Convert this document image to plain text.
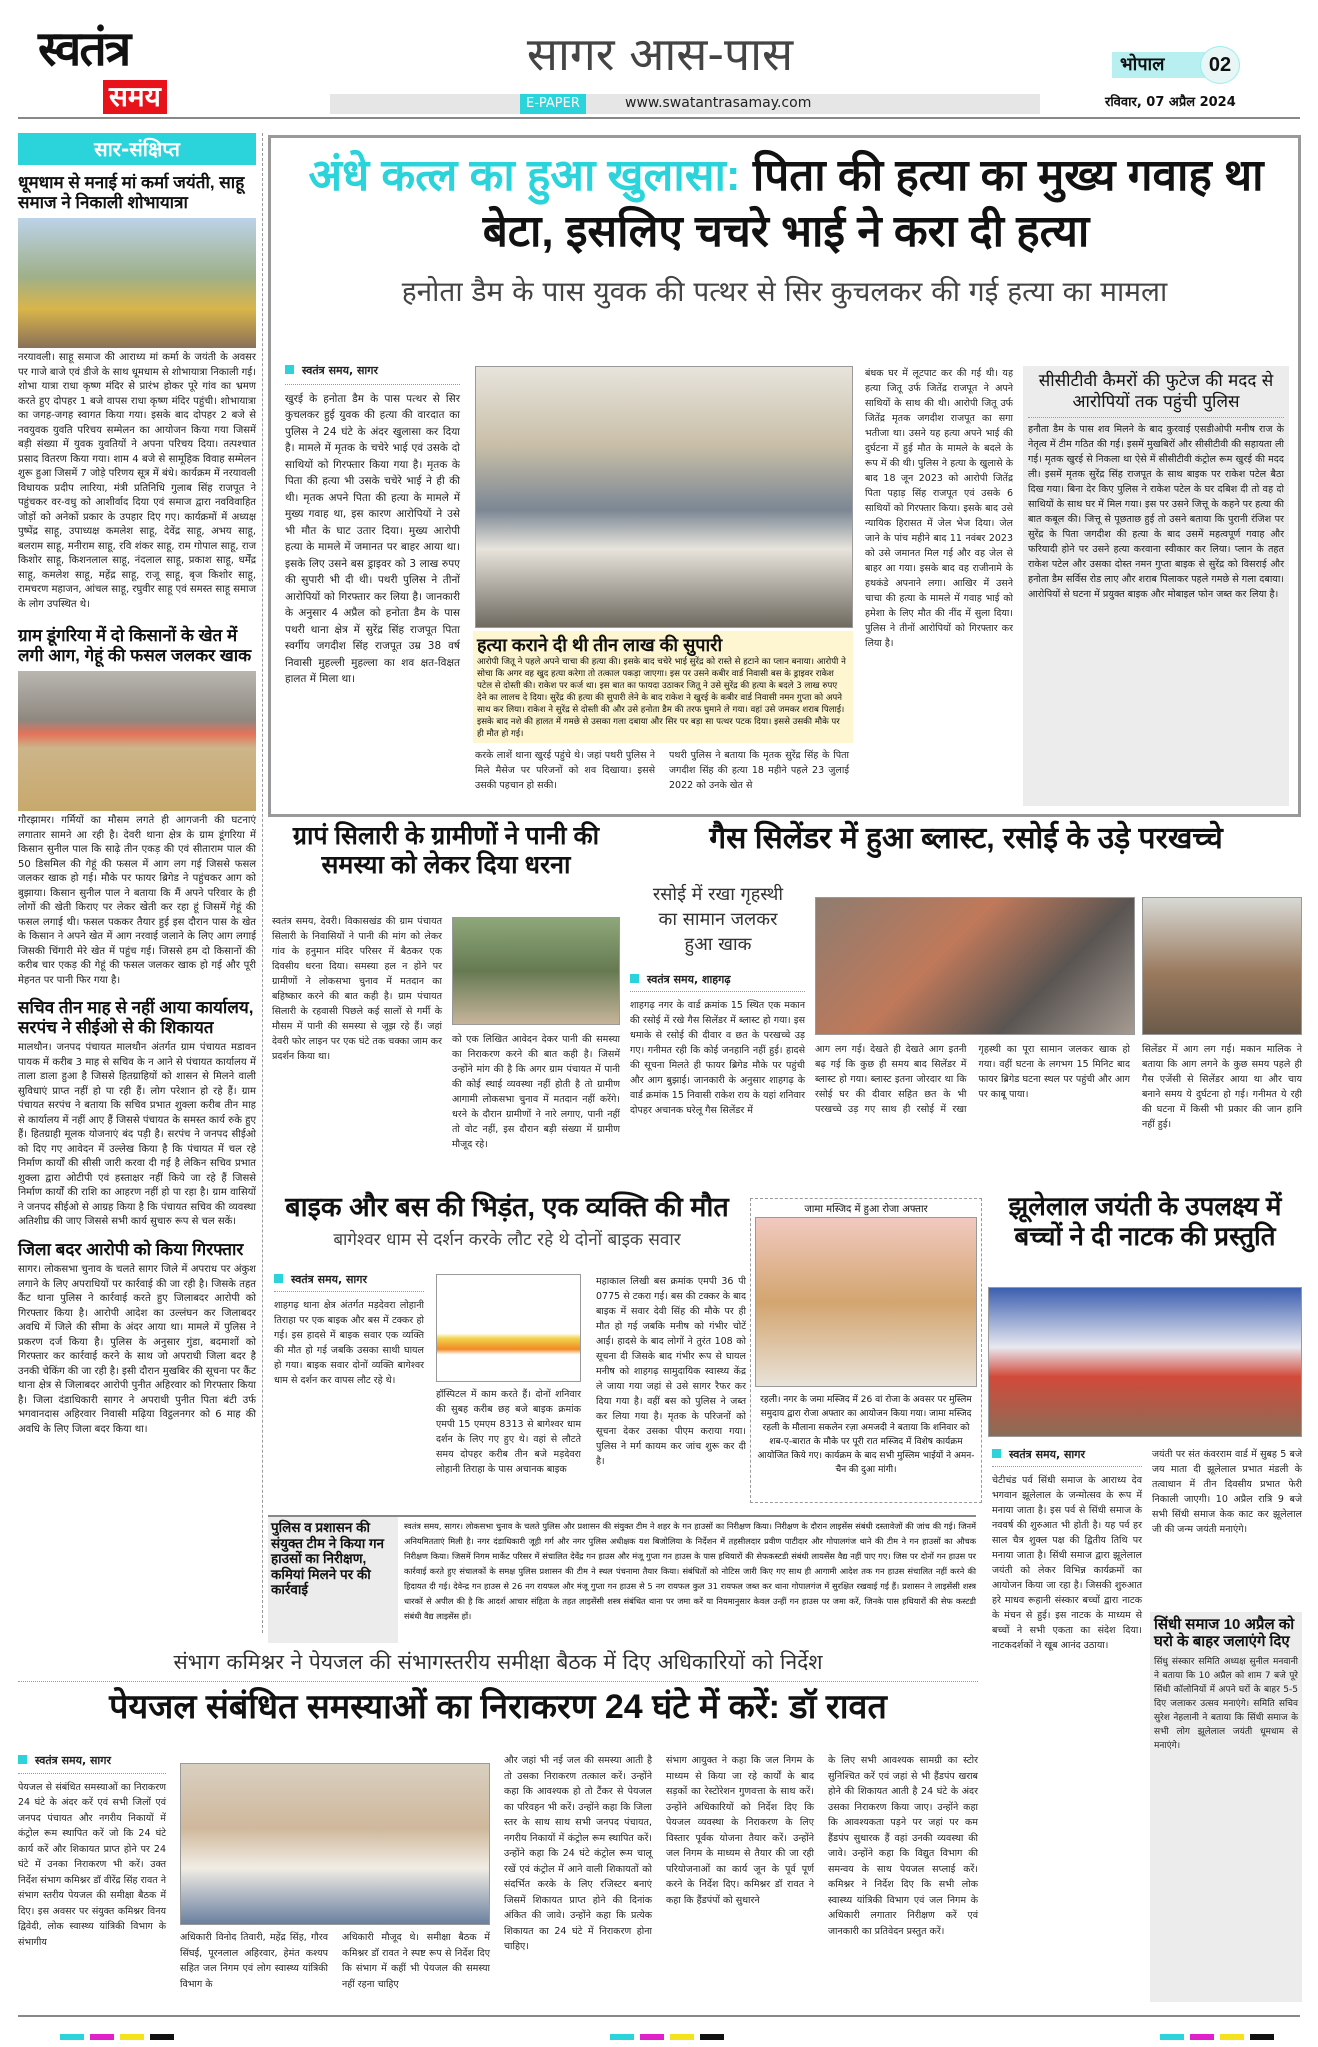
स्वतंत्र
समय
सागर आस-पास
E-PAPER	www.swatantrasamay.com
भोपाल	02
रविवार, 07 अप्रैल 2024
सार-संक्षिप्त
धूमधाम से मनाई मां कर्मा जयंती, साहू समाज ने निकाली शोभायात्रा
नरयावली। साहू समाज की आराध्य मां कर्मा के जयंती के अवसर पर गाजे बाजे एवं डीजे के साथ धूमधाम से शोभायात्रा निकाली गई। शोभा यात्रा राधा कृष्ण मंदिर से प्रारंभ होकर पूरे गांव का भ्रमण करते हुए दोपहर 1 बजे वापस राधा कृष्ण मंदिर पहुंची। शोभायात्रा का जगह-जगह स्वागत किया गया। इसके बाद दोपहर 2 बजे से नवयुवक युवति परिचय सम्मेलन का आयोजन किया गया जिसमें बड़ी संख्या में युवक युवतियों ने अपना परिचय दिया। तत्पश्चात प्रसाद वितरण किया गया। शाम 4 बजे से सामूहिक विवाह सम्मेलन शुरू हुआ जिसमें 7 जोड़े परिणय सूत्र में बंधे। कार्यक्रम में नरयावली विधायक प्रदीप लारिया, मंत्री प्रतिनिधि गुलाब सिंह राजपूत ने पहुंचकर वर-वधु को आशीर्वाद दिया एवं समाज द्वारा नवविवाहित जोड़ों को अनेकों प्रकार के उपहार दिए गए। कार्यक्रमों में अध्यक्ष पुष्पेंद्र साहू, उपाध्यक्ष कमलेश साहू, देवेंद्र साहू, अभय साहू, बलराम साहू, मनीराम साहू, रवि शंकर साहू, राम गोपाल साहू, राज किशोर साहू, किशनलाल साहू, नंदलाल साहू, प्रकाश साहू, धर्मेंद्र साहू, कमलेश साहू, महेंद्र साहू, राजू साहू, बृज किशोर साहू, रामचरण महाजन, आंचल साहू, रघुवीर साहू एवं समस्त साहू समाज के लोग उपस्थित थे।
ग्राम डूंगरिया में दो किसानों के खेत में लगी आग, गेहूं की फसल जलकर खाक
गौरझामर। गर्मियों का मौसम लगते ही आगजनी की घटनाएं लगातार सामने आ रही है। देवरी थाना क्षेत्र के ग्राम डूंगरिया में किसान सुनील पाल कि साढ़े तीन एकड़ की एवं सीताराम पाल की 50 डिसमिल की गेहूं की फसल में आग लग गई जिससे फसल जलकर खाक हो गई। मौके पर फायर ब्रिगेड ने पहुंचकर आग को बुझाया। किसान सुनील पाल ने बताया कि मैं अपने परिवार के ही लोगों की खेती किराए पर लेकर खेती कर रहा हूं जिसमें गेहूं की फसल लगाई थी। फसल पककर तैयार हुई इस दौरान पास के खेत के किसान ने अपने खेत में आग नरवाई जलाने के लिए आग लगाई जिसकी चिंगारी मेरे खेत में पहुंच गई। जिससे हम दो किसानों की करीब चार एकड़ की गेहूं की फसल जलकर खाक हो गई और पूरी मेहनत पर पानी फिर गया है।
सचिव तीन माह से नहीं आया कार्यालय, सरपंच ने सीईओ से की शिकायत
मालथौन। जनपद पंचायत मालथौन अंतर्गत ग्राम पंचायत मडावन पायक में करीब 3 माह से सचिव के न आने से पंचायत कार्यालय में ताला डाला हुआ है जिससे हितग्राहियों को शासन से मिलने वाली सुविधाएं प्राप्त नहीं हो पा रही हैं। लोग परेशान हो रहे हैं। ग्राम पंचायत सरपंच ने बताया कि सचिव प्रभात शुक्ला करीब तीन माह से कार्यालय में नहीं आए हैं जिससे पंचायत के समस्त कार्य रुके हुए हैं। हितग्राही मूलक योजनाएं बंद पड़ी है। सरपंच ने जनपद सीईओ को दिए गए आवेदन में उल्लेख किया है कि पंचायत में चल रहे निर्माण कार्यों की सीसी जारी करवा दी गई है लेकिन सचिव प्रभात शुक्ला द्वारा ओटीपी एवं हस्ताक्षर नहीं किये जा रहे हैं जिससे निर्माण कार्यों की राशि का आहरण नहीं हो पा रहा है। ग्राम वासियों ने जनपद सीईओ से आग्रह किया है कि पंचायत सचिव की व्यवस्था अतिशीघ्र की जाए जिससे सभी कार्य सुचारु रूप से चल सकें।
जिला बदर आरोपी को किया गिरफ्तार
सागर। लोकसभा चुनाव के चलते सागर जिले में अपराध पर अंकुश लगाने के लिए अपराधियों पर कार्रवाई की जा रही है। जिसके तहत कैंट थाना पुलिस ने कार्रवाई करते हुए जिलाबदर आरोपी को गिरफ्तार किया है। आरोपी आदेश का उल्लंघन कर जिलाबदर अवधि में जिले की सीमा के अंदर आया था। मामले में पुलिस ने प्रकरण दर्ज किया है। पुलिस के अनुसार गुंडा, बदमाशों को गिरफ्तार कर कार्रवाई करने के साथ जो अपराधी जिला बदर है उनकी चेकिंग की जा रही है। इसी दौरान मुखबिर की सूचना पर कैंट थाना क्षेत्र से जिलाबदर आरोपी पुनीत अहिरवार को गिरफ्तार किया है। जिला दंडाधिकारी सागर ने अपराधी पुनीत पिता बंटी उर्फ भगवानदास अहिरवार निवासी मढ़िया विट्ठलनगर को 6 माह की अवधि के लिए जिला बदर किया था।
अंधे कत्ल का हुआ खुलासा: पिता की हत्या का मुख्य गवाह था बेटा, इसलिए चचरे भाई ने करा दी हत्या
हनोता डैम के पास युवक की पत्थर से सिर कुचलकर की गई हत्या का मामला
स्वतंत्र समय, सागर
खुरई के हनोता डैम के पास पत्थर से सिर कुचलकर हुई युवक की हत्या की वारदात का पुलिस ने 24 घंटे के अंदर खुलासा कर दिया है। मामले में मृतक के चचेरे भाई एवं उसके दो साथियों को गिरफ्तार किया गया है। मृतक के पिता की हत्या भी उसके चचेरे भाई ने ही की थी। मृतक अपने पिता की हत्या के मामले में मुख्य गवाह था, इस कारण आरोपियों ने उसे भी मौत के घाट उतार दिया। मुख्य आरोपी हत्या के मामले में जमानत पर बाहर आया था। इसके लिए उसने बस ड्राइवर को 3 लाख रुपए की सुपारी भी दी थी। पथरी पुलिस ने तीनों आरोपियों को गिरफ्तार कर लिया है। जानकारी के अनुसार 4 अप्रैल को हनोता डैम के पास पथरी थाना क्षेत्र में सुरेंद्र सिंह राजपूत पिता स्वर्गीय जगदीश सिंह राजपूत उम्र 38 वर्ष निवासी मुहल्ली मुहल्ला का शव क्षत-विक्षत हालत में मिला था।
हत्या कराने दी थी तीन लाख की सुपारी
आरोपी जितू ने पहले अपने चाचा की हत्या की। इसके बाद चचेरे भाई सुरेंद्र को रास्ते से हटाने का प्लान बनाया। आरोपी ने सोचा कि अगर वह खुद हत्या करेगा तो तत्काल पकड़ा जाएगा। इस पर उसने कबीर वार्ड निवासी बस के ड्राइवर राकेश पटेल से दोस्ती की। राकेश पर कर्ज था। इस बात का फायदा उठाकर जितू ने उसे सुरेंद्र की हत्या के बदले 3 लाख रुपए देने का लालच दे दिया। सुरेंद्र की हत्या की सुपारी लेने के बाद राकेश ने खुरई के कबीर वार्ड निवासी नमन गुप्ता को अपने साथ कर लिया। राकेश ने सुरेंद्र से दोस्ती की और उसे हनोता डैम की तरफ घुमाने ले गया। वहां उसे जमकर शराब पिलाई। इसके बाद नशे की हालत में गमछे से उसका गला दबाया और सिर पर बड़ा सा पत्थर पटक दिया। इससे उसकी मौके पर ही मौत हो गई।
करके लाशें थाना खुरई पहुंचे थे। जहां पथरी पुलिस ने मिले मैसेज पर परिजनों को शव दिखाया। इससे उसकी पहचान हो सकी।
पथरी पुलिस ने बताया कि मृतक सुरेंद्र सिंह के पिता जगदीश सिंह की हत्या 18 महीने पहले 23 जुलाई 2022 को उनके खेत से
बंधक घर में लूटपाट कर की गई थी। यह हत्या जितू उर्फ जितेंद्र राजपूत ने अपने साथियों के साथ की थी। आरोपी जितू उर्फ जितेंद्र मृतक जगदीश राजपूत का सगा भतीजा था। उसने यह हत्या अपने भाई की दुर्घटना में हुई मौत के मामले के बदले के रूप में की थी। पुलिस ने हत्या के खुलासे के बाद 18 जून 2023 को आरोपी जितेंद्र पिता पहाड़ सिंह राजपूत एवं उसके 6 साथियों को गिरफ्तार किया। इसके बाद उसे न्यायिक हिरासत में जेल भेज दिया। जेल जाने के पांच महीने बाद 11 नवंबर 2023 को उसे जमानत मिल गई और वह जेल से बाहर आ गया। इसके बाद वह राजीनामे के हथकंडे अपनाने लगा। आखिर में उसने चाचा की हत्या के मामले में गवाह भाई को हमेशा के लिए मौत की नींद में सुला दिया। पुलिस ने तीनों आरोपियों को गिरफ्तार कर लिया है।
सीसीटीवी कैमरों की फुटेज की मदद से आरोपियों तक पहुंची पुलिस
हनौता डैम के पास शव मिलने के बाद कुरवाई एसडीओपी मनीष राज के नेतृत्व में टीम गठित की गई। इसमें मुखबिरों और सीसीटीवी की सहायता ली गई। मृतक खुरई से निकला था ऐसे में सीसीटीवी कंट्रोल रूम खुरई की मदद ली। इसमें मृतक सुरेंद्र सिंह राजपूत के साथ बाइक पर राकेश पटेल बैठा दिख गया। बिना देर किए पुलिस ने राकेश पटेल के घर दबिश दी तो वह दो साथियों के साथ घर में मिल गया। इस पर उसने जित्तू के कहने पर हत्या की बात कबूल की। जित्तू से पूछताछ हुई तो उसने बताया कि पुरानी रंजिश पर सुरेंद्र के पिता जगदीश की हत्या के बाद उसमें महत्वपूर्ण गवाह और फरियादी होने पर उसने हत्या करवाना स्वीकार कर लिया। प्लान के तहत राकेश पटेल और उसका दोस्त नमन गुप्ता बाइक से सुरेंद्र को विसराई और हनोता डैम सर्विस रोड लाए और शराब पिलाकर पहले गमछे से गला दबाया। आरोपियों से घटना में प्रयुक्त बाइक और मोबाइल फोन जब्त कर लिया है।
ग्रापं सिलारी के ग्रामीणों ने पानी की समस्या को लेकर दिया धरना
स्वतंत्र समय, देवरी। विकासखंड की ग्राम पंचायत सिलारी के निवासियों ने पानी की मांग को लेकर गांव के हनुमान मंदिर परिसर में बैठकर एक दिवसीय धरना दिया। समस्या हल न होने पर ग्रामीणों ने लोकसभा चुनाव में मतदान का बहिष्कार करने की बात कही है। ग्राम पंचायत सिलारी के रहवासी पिछले कई सालों से गर्मी के मौसम में पानी की समस्या से जूझ रहे हैं। जहां देवरी फोर लाइन पर एक घंटे तक चक्का जाम कर प्रदर्शन किया था।
को एक लिखित आवेदन देकर पानी की समस्या का निराकरण करने की बात कही है। जिसमें उन्होंने मांग की है कि अगर ग्राम पंचायत में पानी की कोई स्थाई व्यवस्था नहीं होती है तो ग्रामीण आगामी लोकसभा चुनाव में मतदान नहीं करेंगे। धरने के दौरान ग्रामीणों ने नारे लगाए, पानी नहीं तो वोट नहीं, इस दौरान बड़ी संख्या में ग्रामीण मौजूद रहे।
गैस सिलेंडर में हुआ ब्लास्ट, रसोई के उड़े परखच्चे
रसोई में रखा गृहस्थी का सामान जलकर हुआ खाक
स्वतंत्र समय, शाहगढ़
शाहगढ़ नगर के वार्ड क्रमांक 15 स्थित एक मकान की रसोई में रखे गैस सिलेंडर में ब्लास्ट हो गया। इस धमाके से रसोई की दीवार व छत के परखच्चे उड़ गए। गनीमत रही कि कोई जनहानि नहीं हुई। हादसे की सूचना मिलते ही फायर ब्रिगेड मौके पर पहुंची और आग बुझाई। जानकारी के अनुसार शाहगढ़ के वार्ड क्रमांक 15 निवासी राकेश राय के यहां शनिवार दोपहर अचानक घरेलू गैस सिलेंडर में
आग लग गई। देखते ही देखते आग इतनी बढ़ गई कि कुछ ही समय बाद सिलेंडर में ब्लास्ट हो गया। ब्लास्ट इतना जोरदार था कि रसोई घर की दीवार सहित छत के भी परखच्चे उड़ गए साथ ही रसोई में रखा गृहस्थी का पूरा सामान जलकर खाक हो गया। वहीं घटना के लगभग 15 मिनिट बाद फायर ब्रिगेड घटना स्थल पर पहुंची और आग पर काबू पाया।
सिलेंडर में आग लग गई। मकान मालिक ने बताया कि आग लगने के कुछ समय पहले ही गैस एजेंसी से सिलेंडर आया था और चाय बनाने समय ये दुर्घटना हो गई। गनीमत ये रही की घटना में किसी भी प्रकार की जान हानि नहीं हुई।
बाइक और बस की भिड़ंत, एक व्यक्ति की मौत
बागेश्वर धाम से दर्शन करके लौट रहे थे दोनों बाइक सवार
स्वतंत्र समय, सागर
शाहगढ़ थाना क्षेत्र अंतर्गत मड़देवरा लोहानी तिराहा पर एक बाइक और बस में टक्कर हो गई। इस हादसे में बाइक सवार एक व्यक्ति की मौत हो गई जबकि उसका साथी घायल हो गया। बाइक सवार दोनों व्यक्ति बागेश्वर धाम से दर्शन कर वापस लौट रहे थे।
हॉस्पिटल में काम करते हैं। दोनों शनिवार की सुबह करीब छह बजे बाइक क्रमांक एमपी 15 एमएम 8313 से बागेश्वर धाम दर्शन के लिए गए हुए थे। वहां से लौटते समय दोपहर करीब तीन बजे मड़देवरा लोहानी तिराहा के पास अचानक बाइक
महाकाल लिखी बस क्रमांक एमपी 36 पी 0775 से टकरा गई। बस की टक्कर के बाद बाइक में सवार देवी सिंह की मौके पर ही मौत हो गई जबकि मनीष को गंभीर चोटें आईं। हादसे के बाद लोगों ने तुरंत 108 को सूचना दी जिसके बाद गंभीर रूप से घायल मनीष को शाहगढ़ सामुदायिक स्वास्थ्य केंद्र ले जाया गया जहां से उसे सागर रैफर कर दिया गया है। वहीं बस को पुलिस ने जब्त कर लिया गया है। मृतक के परिजनों को सूचना देकर उसका पीएम कराया गया। पुलिस ने मर्ग कायम कर जांच शुरू कर दी है।
जामा मस्जिद में हुआ रोजा अफ्तार
रहली। नगर के जमा मस्जिद में 26 वां रोजा के अवसर पर मुस्लिम समुदाय द्वारा रोजा अफ्तार का आयोजन किया गया। जामा मस्जिद रहली के मौलाना सकलेन रज़ा अमजदी ने बताया कि शनिवार को शब-ए-बारात के मौके पर पूरी रात मस्जिद में विशेष कार्यक्रम आयोजित किये गए। कार्यक्रम के बाद सभी मुस्लिम भाईयों ने अमन-चैन की दुआ मांगी।
झूलेलाल जयंती के उपलक्ष्य में बच्चों ने दी नाटक की प्रस्तुति
स्वतंत्र समय, सागर
चेटीचंड पर्व सिंधी समाज के आराध्य देव भगवान झूलेलाल के जन्मोत्सव के रूप में मनाया जाता है। इस पर्व से सिंधी समाज के नववर्ष की शुरुआत भी होती है। यह पर्व हर साल चैत्र शुक्ल पक्ष की द्वितीय तिथि पर मनाया जाता है। सिंधी समाज द्वारा झूलेलाल जयंती को लेकर विभिन्न कार्यक्रमों का आयोजन किया जा रहा है। जिसकी शुरुआत हरे माधव रूहानी संस्कार बच्चों द्वारा नाटक के मंचन से हुई। इस नाटक के माध्यम से बच्चों ने सभी एकता का संदेश दिया। नाटकदर्शकों ने खूब आनंद उठाया।
जयंती पर संत कंवरराम वार्ड में सुबह 5 बजे जय माता दी झूलेलाल प्रभात मंडली के तत्वाधान में तीन दिवसीय प्रभात फेरी निकाली जाएगी। 10 अप्रैल रात्रि 9 बजे सभी सिंधी समाज केक काट कर झूलेलाल जी की जन्म जयंती मनाएंगे।
सिंधी समाज 10 अप्रैल को घरो के बाहर जलाएंगे दिए
सिंधु संस्कार समिति अध्यक्ष सुनील मनवानी ने बताया कि 10 अप्रैल को शाम 7 बजे पूरे सिंधी कॉलोनियों में अपने घरों के बाहर 5-5 दिए जलाकर उत्सव मनाएंगे। समिति सचिव सुरेश नेहलानी ने बताया कि सिंधी समाज के सभी लोग झूलेलाल जयंती धूमधाम से मनाएंगे।
पुलिस व प्रशासन की संयुक्त टीम ने किया गन हाउसों का निरीक्षण, कमियां मिलने पर की कार्रवाई
स्वतंत्र समय, सागर। लोकसभा चुनाव के चलते पुलिस और प्रशासन की संयुक्त टीम ने शहर के गन हाउसों का निरीक्षण किया। निरीक्षण के दौरान लाइसेंस संबंधी दस्तावेजों की जांच की गई। जिनमें अनियमितताएं मिली है। नगर दंडाधिकारी जूही गर्ग और नगर पुलिस अधीक्षक यश बिजोलिया के निर्देशन में तहसीलदार प्रवीण पाटीदार और गोपालगंज थाने की टीम ने गन हाउसों का औचक निरीक्षण किया। जिसमें निगम मार्केट परिसर में संचालित देवेंद्र गन हाउस और मंजू गुप्ता गन हाउस के पास हथियारों की सेफकस्टडी संबंधी लायसेंस वैद्य नहीं पाए गए। जिस पर दोनों गन हाउस पर कार्रवाई करते हुए संचालकों के समक्ष पुलिस प्रशासन की टीम ने स्थल पंचनामा तैयार किया। संबंधितों को नोटिस जारी किए गए साथ ही आगामी आदेश तक गन हाउस संचालित नहीं करने की हिदायत दी गई। देवेन्द्र गन हाउस से 26 नग रायफल और मंजू गुप्ता गन हाउस से 5 नग रायफल कुल 31 रायफल जब्त कर थाना गोपालगंज में सुरक्षित रखवाई गई हैं। प्रशासन ने लाइसेंसी शस्त्र धारकों से अपील की है कि आदर्श आचार संहिता के तहत लाइसेंसी शस्त्र संबंधित थाना पर जमा करें या नियमानुसार केवल उन्हीं गन हाउस पर जमा करें, जिनके पास हथियारों की सेफ कस्टडी संबंधी वैद्य लाइसेंस हों।
संभाग कमिश्नर ने पेयजल की संभागस्तरीय समीक्षा बैठक में दिए अधिकारियों को निर्देश
पेयजल संबंधित समस्याओं का निराकरण 24 घंटे में करें: डॉ रावत
स्वतंत्र समय, सागर
पेयजल से संबंधित समस्याओं का निराकरण 24 घंटे के अंदर करें एवं सभी जिलों एवं जनपद पंचायत और नगरीय निकायों में कंट्रोल रूम स्थापित करें जो कि 24 घंटे कार्य करें और शिकायत प्राप्त होने पर 24 घंटे में उनका निराकरण भी करें। उक्त निर्देश संभाग कमिश्नर डॉ वीरेंद्र सिंह रावत ने संभाग स्तरीय पेयजल की समीक्षा बैठक में दिए। इस अवसर पर संयुक्त कमिश्नर विनय द्विवेदी, लोक स्वास्थ्य यांत्रिकी विभाग के संभागीय	अधिकारी विनोद तिवारी, महेंद्र सिंह, गौरव सिंघई, पूरनलाल अहिरवार, हेमंत कश्यप सहित जल निगम एवं लोग स्वास्थ्य यांत्रिकी विभाग के
अधिकारी मौजूद थे। समीक्षा बैठक में कमिश्नर डॉ रावत ने स्पष्ट रूप से निर्देश दिए कि संभाग में कहीं भी पेयजल की समस्या नहीं रहना चाहिए
और जहां भी नई जल की समस्या आती है तो उसका निराकरण तत्काल करें। उन्होंने कहा कि आवश्यक हो तो टैंकर से पेयजल का परिवहन भी करें। उन्होंने कहा कि जिला स्तर के साथ साथ सभी जनपद पंचायत, नगरीय निकायों में कंट्रोल रूम स्थापित करें। उन्होंने कहा कि 24 घंटे कंट्रोल रूम चालू रखें एवं कंट्रोल में आने वाली शिकायतों को संदर्भित करके के लिए रजिस्टर बनाएं जिसमें शिकायत प्राप्त होने की दिनांक अंकित की जावे। उन्होंने कहा कि प्रत्येक शिकायत का 24 घंटे में निराकरण होना चाहिए।
संभाग आयुक्त ने कहा कि जल निगम के माध्यम से किया जा रहे कार्यों के बाद सड़कों का रेस्टोरेशन गुणवत्ता के साथ करें। उन्होंने अधिकारियों को निर्देश दिए कि पेयजल व्यवस्था के निराकरण के लिए विस्तार पूर्वक योजना तैयार करें। उन्होंने जल निगम के माध्यम से तैयार की जा रही परियोजनाओं का कार्य जून के पूर्व पूर्ण करने के निर्देश दिए। कमिश्नर डॉ रावत ने कहा कि हैंडपंपों को सुधारने
के लिए सभी आवश्यक सामग्री का स्टोर सुनिश्चित करें एवं जहां से भी हैंडपंप खराब होने की शिकायत आती है 24 घंटे के अंदर उसका निराकरण किया जाए। उन्होंने कहा कि आवश्यकता पड़ने पर जहां पर कम हैंडपंप सुधारक हैं वहां उनकी व्यवस्था की जावे। उन्होंने कहा कि विद्युत विभाग की समन्वय के साथ पेयजल सप्लाई करें। कमिश्नर ने निर्देश दिए कि सभी लोक स्वास्थ्य यांत्रिकी विभाग एवं जल निगम के अधिकारी लगातार निरीक्षण करें एवं जानकारी का प्रतिवेदन प्रस्तुत करें।
